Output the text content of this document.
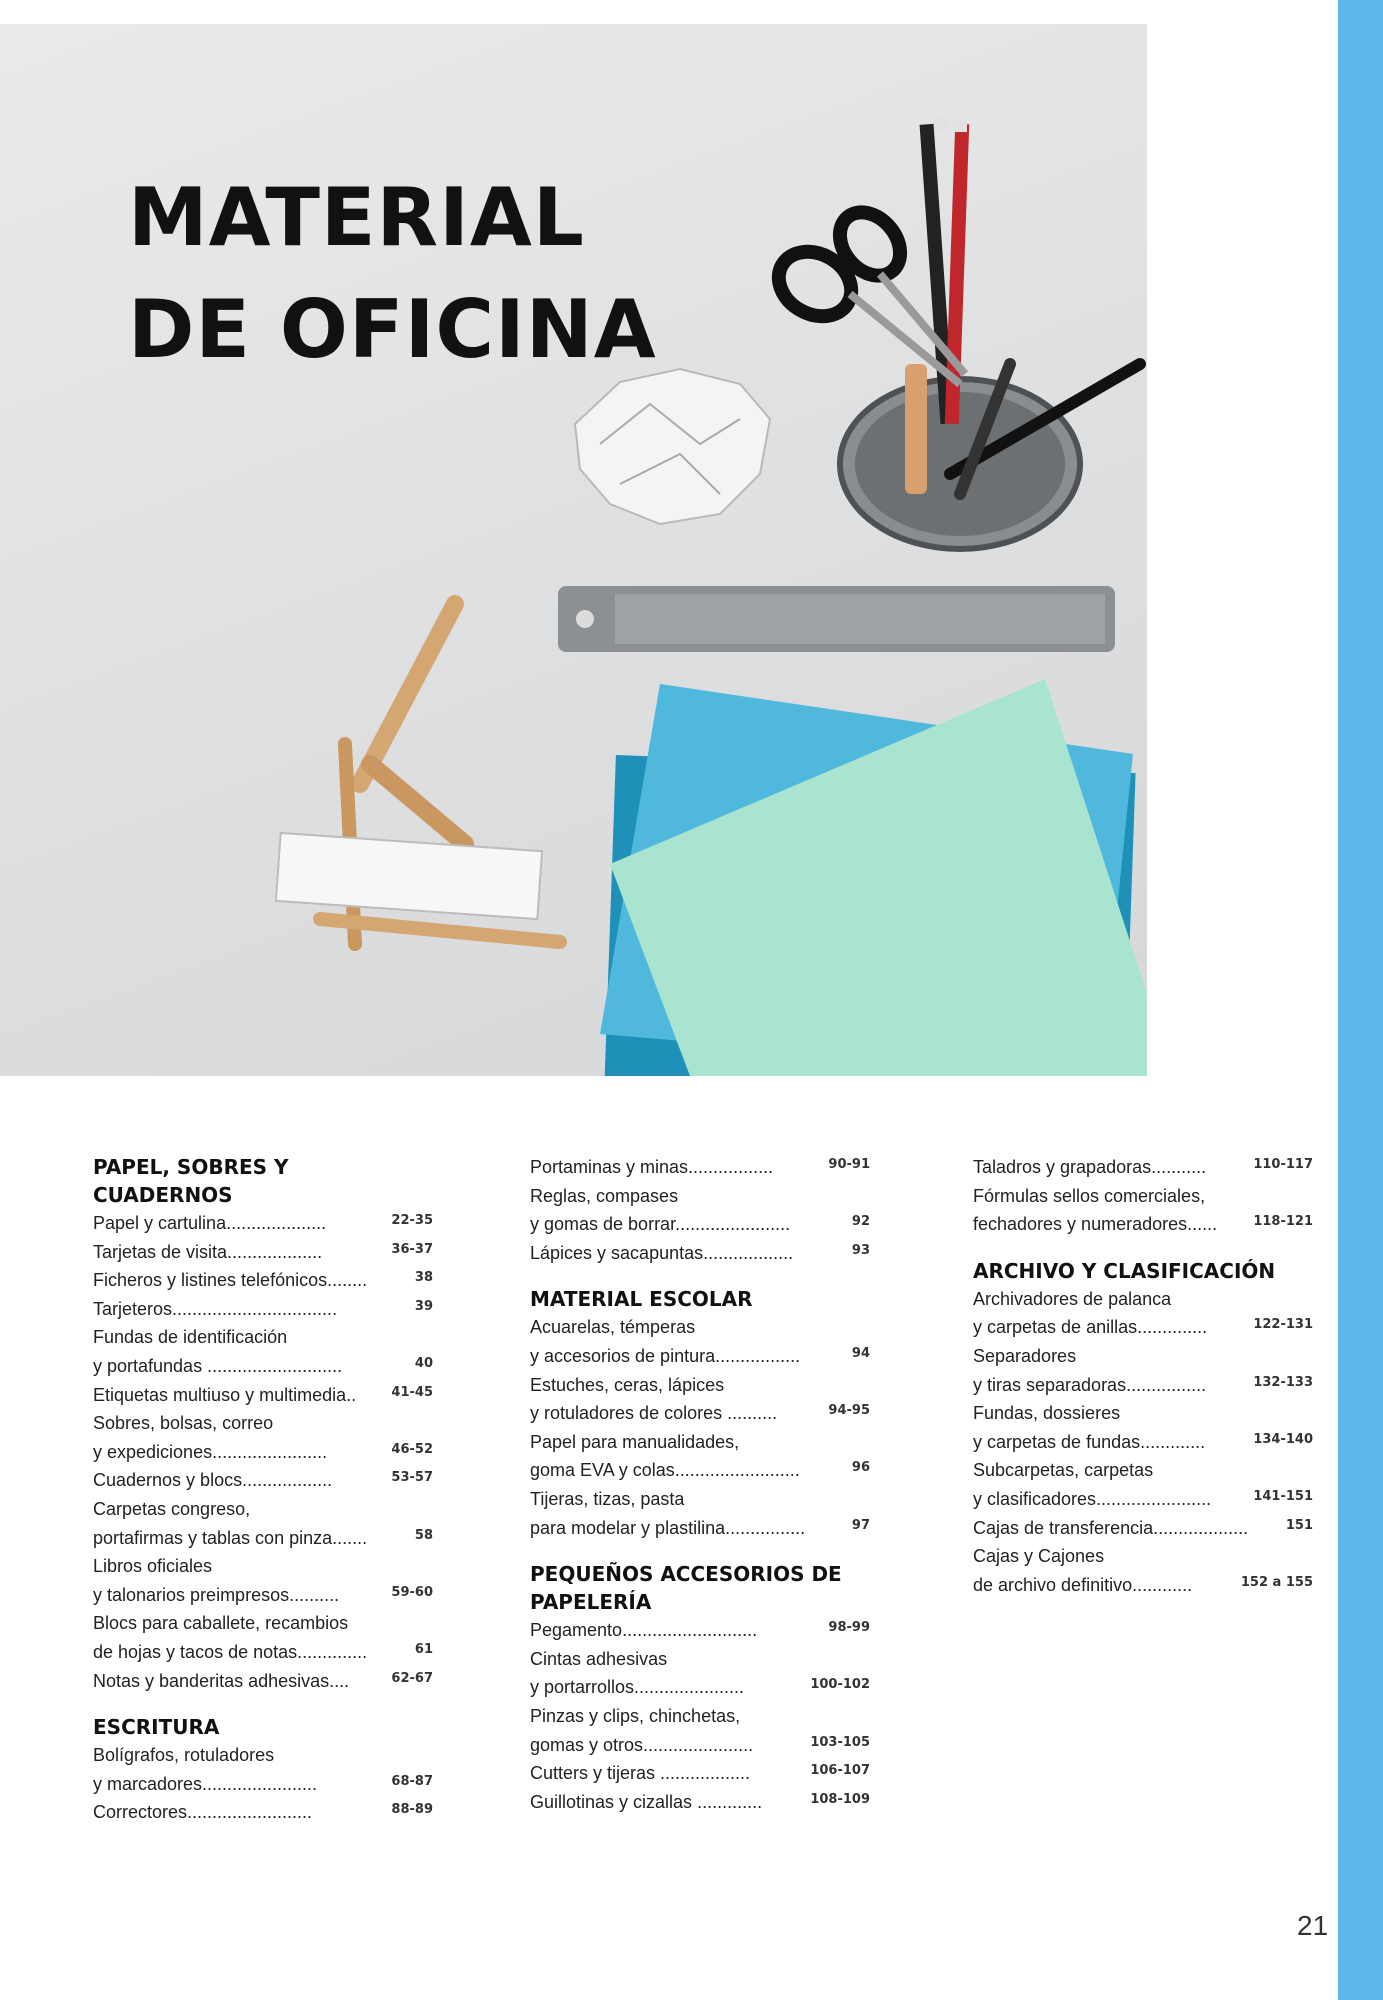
MATERIAL
DE OFICINA
PAPEL, SOBRES Y CUADERNOS
Papel y cartulina....................	22-35
Tarjetas de visita...................	36-37
Ficheros y listines telefónicos........	38
Tarjeteros.................................	39
Fundas de identificación
y portafundas ...........................	40
Etiquetas multiuso y multimedia..	41-45
Sobres, bolsas, correo
y expediciones.......................	46-52
Cuadernos y blocs..................	53-57
Carpetas congreso,
portafirmas y tablas con pinza.......	58
Libros oficiales
y talonarios preimpresos..........	59-60
Blocs para caballete, recambios
de hojas y tacos de notas..............	61
Notas y banderitas adhesivas....	62-67
ESCRITURA
Bolígrafos, rotuladores
y marcadores.......................	68-87
Correctores.........................	88-89
Portaminas y minas.................	90-91
Reglas, compases
y gomas de borrar.......................	92
Lápices y sacapuntas..................	93
MATERIAL ESCOLAR
Acuarelas, témperas
y accesorios de pintura.................	94
Estuches, ceras, lápices
y rotuladores de colores ..........	94-95
Papel para manualidades,
goma EVA y colas.........................	96
Tijeras, tizas, pasta
para modelar y plastilina................	97
PEQUEÑOS ACCESORIOS DE PAPELERÍA
Pegamento...........................	98-99
Cintas adhesivas
y portarrollos......................	100-102
Pinzas y clips, chinchetas,
gomas y otros......................	103-105
Cutters y tijeras ..................	106-107
Guillotinas y cizallas .............	108-109
Taladros y grapadoras...........	110-117
Fórmulas sellos comerciales,
fechadores y numeradores......	118-121
ARCHIVO Y CLASIFICACIÓN
Archivadores de palanca
y carpetas de anillas..............	122-131
Separadores
y tiras separadoras................	132-133
Fundas, dossieres
y carpetas de fundas.............	134-140
Subcarpetas, carpetas
y clasificadores.......................	141-151
Cajas de transferencia...................	151
Cajas y Cajones
de archivo definitivo............	152 a 155
21
